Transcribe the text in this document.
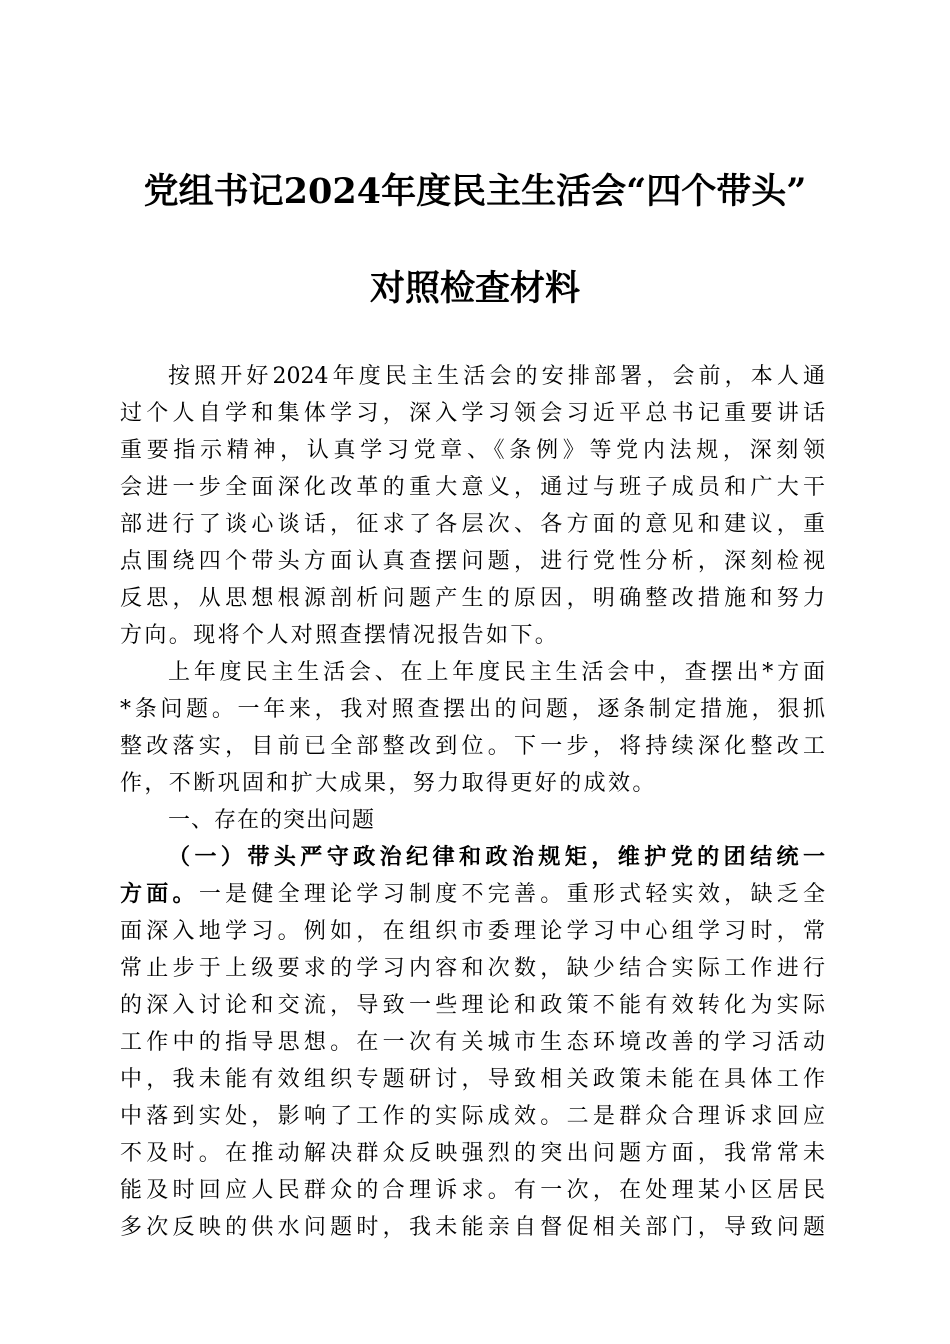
党组书记2024年度民主生活会“四个带头”
对照检查材料
按照开好2024年度民主生活会的安排部署，会前，本人通
过个人自学和集体学习，深入学习领会习近平总书记重要讲话
重要指示精神，认真学习党章、《条例》等党内法规，深刻领
会进一步全面深化改革的重大意义，通过与班子成员和广大干
部进行了谈心谈话，征求了各层次、各方面的意见和建议，重
点围绕四个带头方面认真查摆问题，进行党性分析，深刻检视
反思，从思想根源剖析问题产生的原因，明确整改措施和努力
方向。现将个人对照查摆情况报告如下。
上年度民主生活会、在上年度民主生活会中，查摆出*方面
*条问题。一年来，我对照查摆出的问题，逐条制定措施，狠抓
整改落实，目前已全部整改到位。下一步，将持续深化整改工
作，不断巩固和扩大成果，努力取得更好的成效。
一、存在的突出问题
（一）带头严守政治纪律和政治规矩，维护党的团结统一
方面。一是健全理论学习制度不完善。重形式轻实效，缺乏全
面深入地学习。例如，在组织市委理论学习中心组学习时，常
常止步于上级要求的学习内容和次数，缺少结合实际工作进行
的深入讨论和交流，导致一些理论和政策不能有效转化为实际
工作中的指导思想。在一次有关城市生态环境改善的学习活动
中，我未能有效组织专题研讨，导致相关政策未能在具体工作
中落到实处，影响了工作的实际成效。二是群众合理诉求回应
不及时。在推动解决群众反映强烈的突出问题方面，我常常未
能及时回应人民群众的合理诉求。有一次，在处理某小区居民
多次反映的供水问题时，我未能亲自督促相关部门，导致问题
